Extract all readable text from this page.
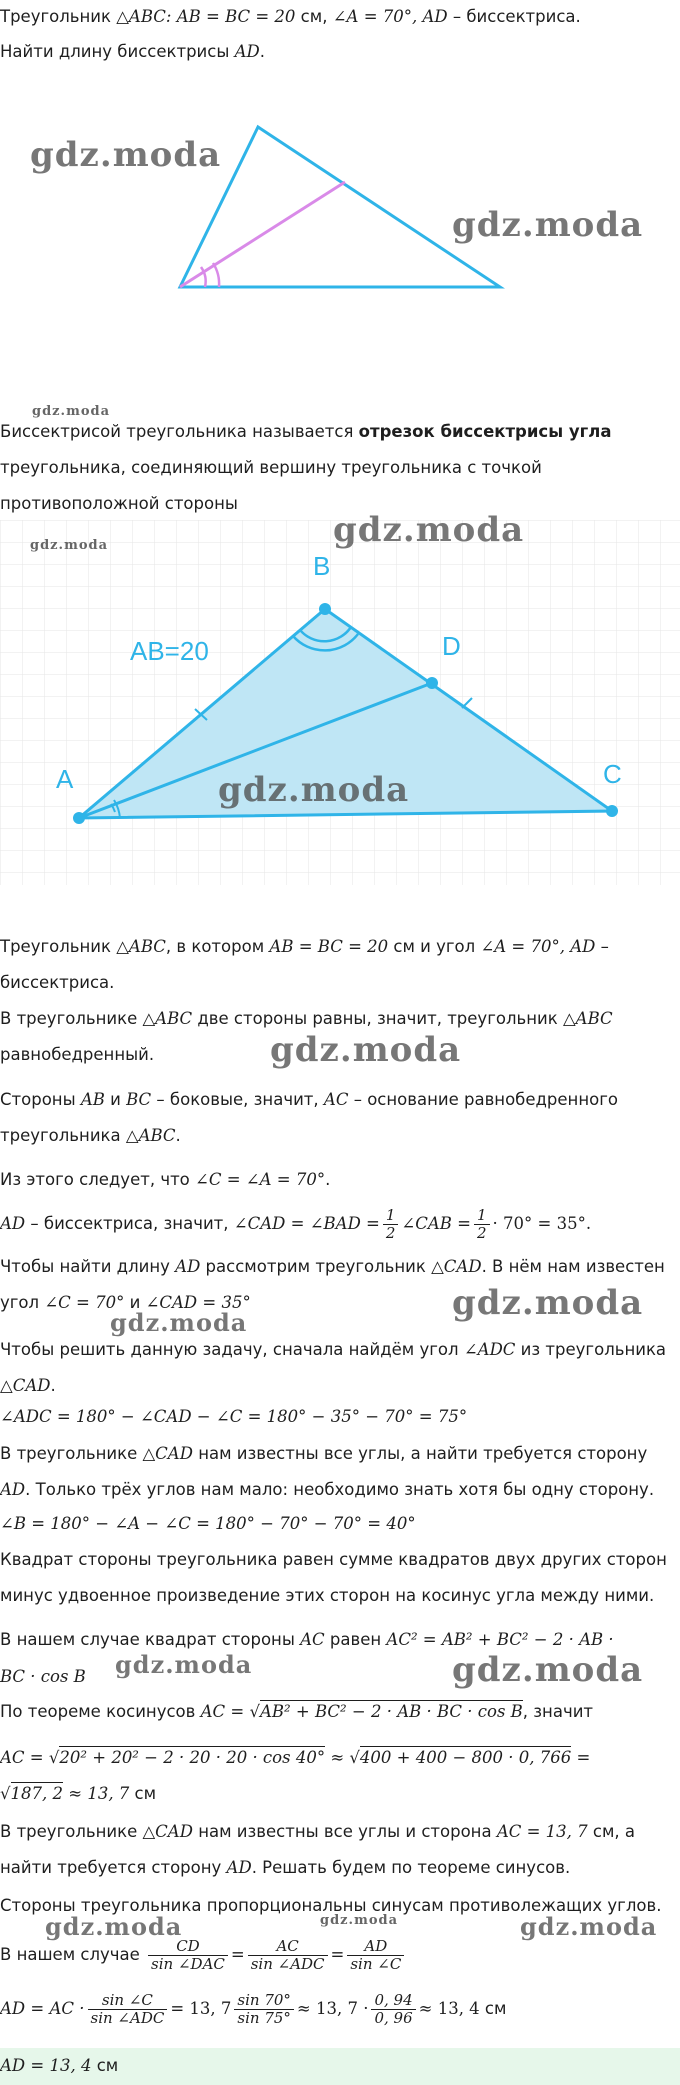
Треугольник △ABC: AB = BC = 20 см, ∠A = 70°, AD – биссектриса.
Найти длину биссектрисы AD.
gdz.moda
gdz.moda
gdz.moda
Биссектрисой треугольника называется отрезок биссектрисы угла
треугольника, соединяющий вершину треугольника с точкой
противоположной стороны
A
B
C
D
AB=20
gdz.moda	gdz.moda
gdz.moda
Треугольник △ABC, в котором AB = BC = 20 см и угол ∠A = 70°, AD –
биссектриса.
В треугольнике △ABC две стороны равны, значит, треугольник △ABC
равнобедренный.	gdz.moda
Стороны AB и BC – боковые, значит, AC – основание равнобедренного
треугольника △ABC.
Из этого следует, что ∠C = ∠A = 70°.
AD – биссектриса, значит, ∠CAD = ∠BAD = $\frac{1}{2}$ ∠CAB = $\frac{1}{2} \cdot 70^\circ = 35^\circ$.
Чтобы найти длину AD рассмотрим треугольник △CAD. В нём нам известен
угол ∠C = 70° и ∠CAD = 35°	gdz.moda
gdz.moda
Чтобы решить данную задачу, сначала найдём угол ∠ADC из треугольника
△CAD.
∠ADC = 180° − ∠CAD − ∠C = 180° − 35° − 70° = 75°
В треугольнике △CAD нам известны все углы, а найти требуется сторону
AD. Только трёх углов нам мало: необходимо знать хотя бы одну сторону.
∠B = 180° − ∠A − ∠C = 180° − 70° − 70° = 40°
Квадрат стороны треугольника равен сумме квадратов двух других сторон
минус удвоенное произведение этих сторон на косинус угла между ними.
В нашем случае квадрат стороны AC равен AC² = AB² + BC² − 2 · AB ·
BC · cos B	gdz.moda	gdz.moda
По теореме косинусов AC = √AB² + BC² − 2 · AB · BC · cos B, значит
AC = √20² + 20² − 2 · 20 · 20 · cos 40° ≈ √400 + 400 − 800 · 0, 766 =
√187, 2 ≈ 13, 7 см
В треугольнике △CAD нам известны все углы и сторона AC = 13, 7 см, а
найти требуется сторону AD. Решать будем по теореме синусов.
Стороны треугольника пропорциональны синусам противолежащих углов.
gdz.moda	gdz.moda	gdz.moda
В нашем случае $\frac{CD}{\text{sin ∠DAC}} = \frac{AC}{\text{sin ∠ADC}} = \frac{AD}{\sin \angle C}$
AD = AC · $\frac{\sin \angle C}{\text{sin ∠ADC}} = 13$, $7 \frac{\sin 70^\circ}{\sin 75^\circ} \approx 13$, $7 \cdot \frac{0, 94}{0, 96} \approx 13$, 4 см
AD = 13, 4 см
